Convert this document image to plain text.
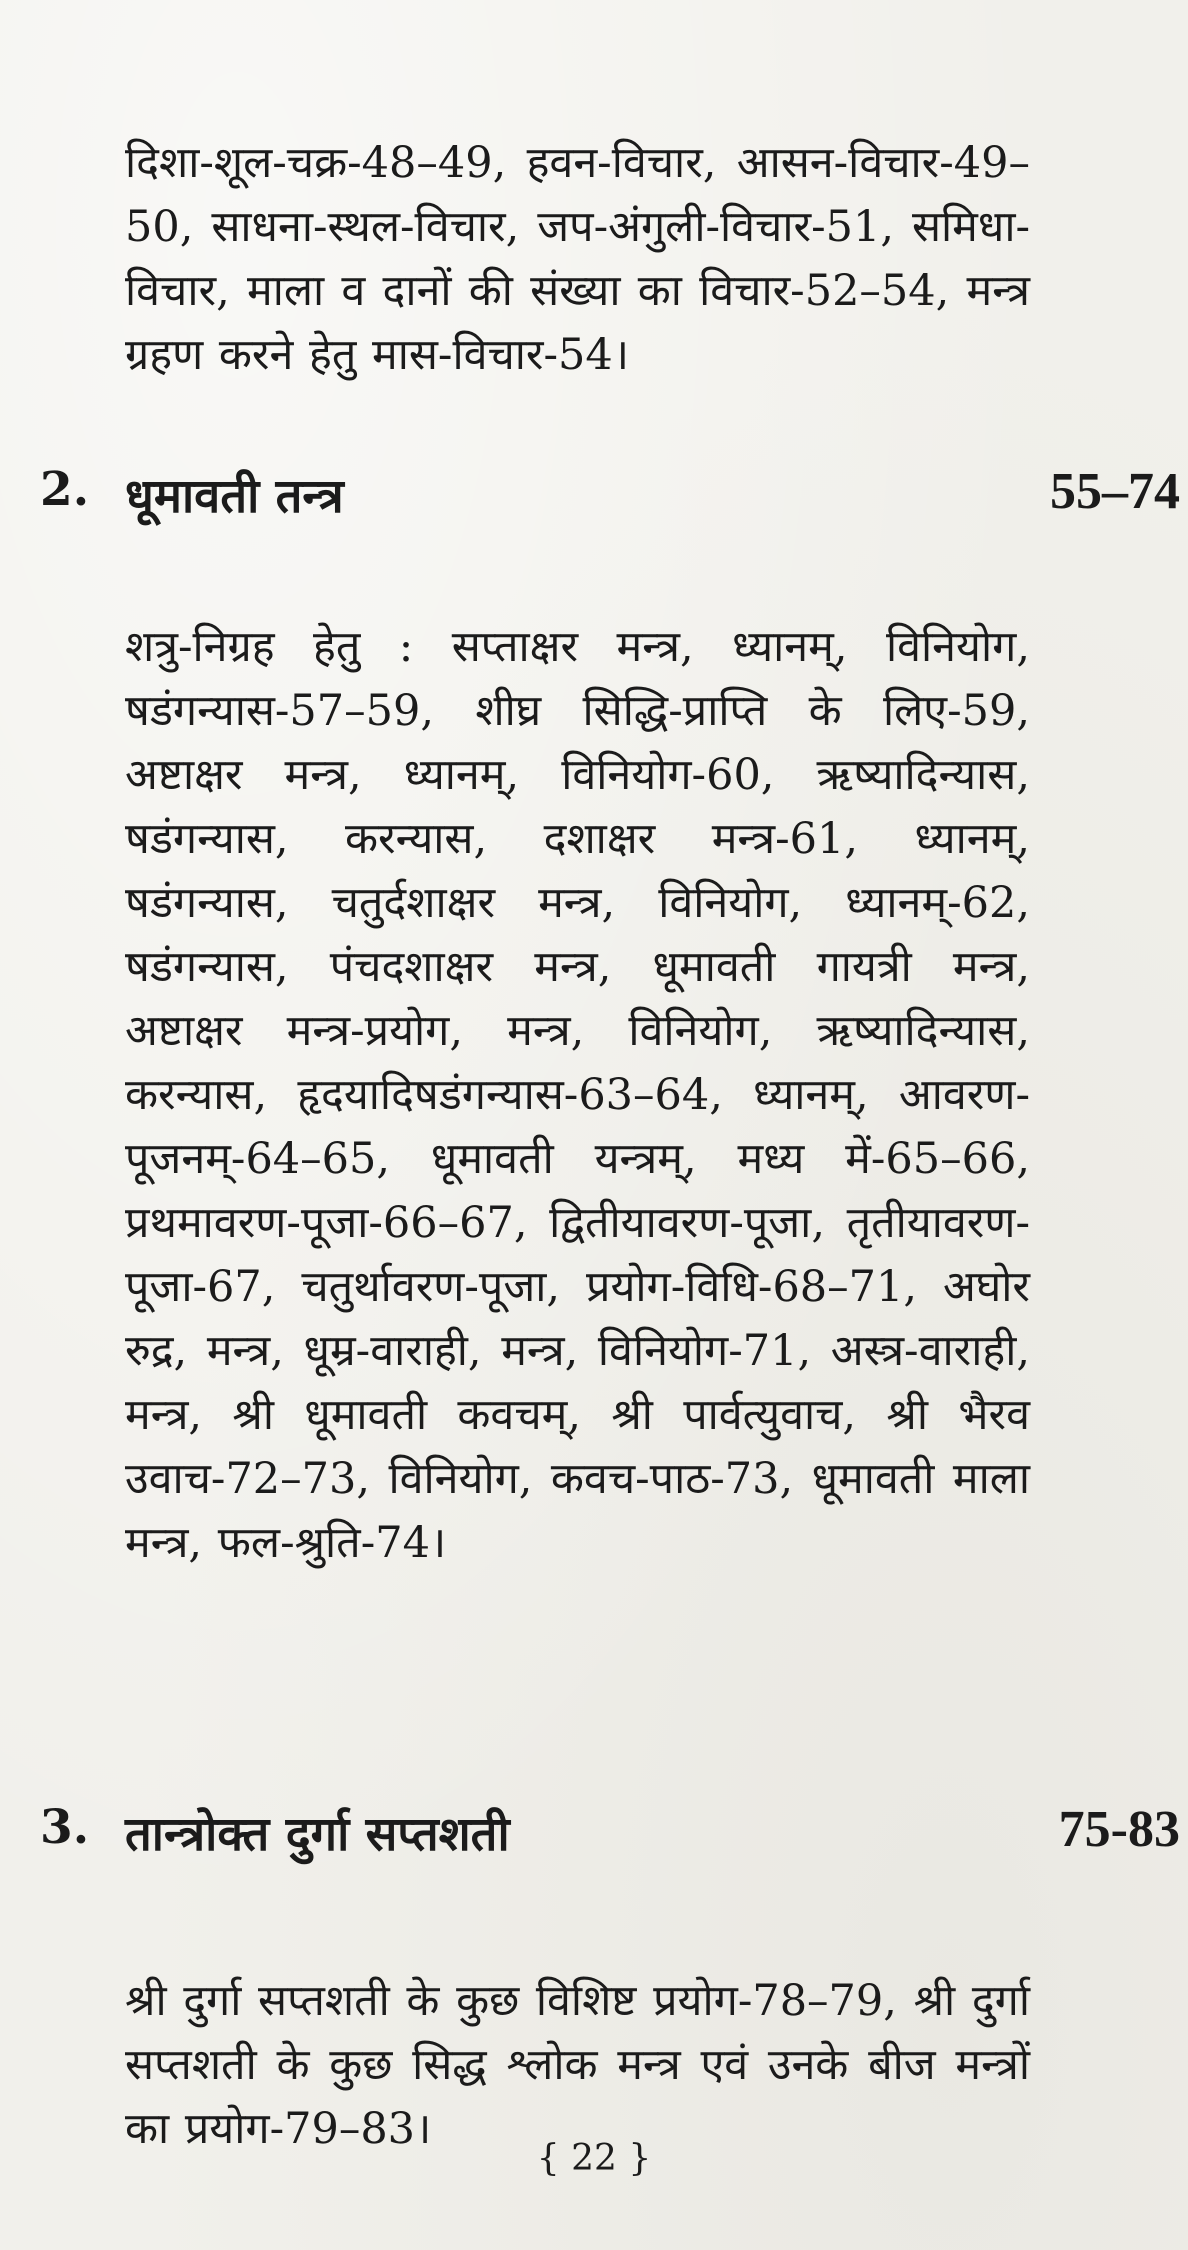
दिशा-शूल-चक्र-48–49, हवन-विचार, आसन-विचार-49–50, साधना-स्थल-विचार, जप-अंगुली-विचार-51, समिधा-विचार, माला व दानों की संख्या का विचार-52–54, मन्त्र ग्रहण करने हेतु मास-विचार-54।

2. धूमावती तन्त्र	55–74

शत्रु-निग्रह हेतु : सप्ताक्षर मन्त्र, ध्यानम्, विनियोग, षडंगन्यास-57–59, शीघ्र सिद्धि-प्राप्ति के लिए-59, अष्टाक्षर मन्त्र, ध्यानम्, विनियोग-60, ऋष्यादिन्यास, षडंगन्यास, करन्यास, दशाक्षर मन्त्र-61, ध्यानम्, षडंगन्यास, चतुर्दशाक्षर मन्त्र, विनियोग, ध्यानम्-62, षडंगन्यास, पंचदशाक्षर मन्त्र, धूमावती गायत्री मन्त्र, अष्टाक्षर मन्त्र-प्रयोग, मन्त्र, विनियोग, ऋष्यादिन्यास, करन्यास, हृदयादिषडंगन्यास-63–64, ध्यानम्, आवरण-पूजनम्-64–65, धूमावती यन्त्रम्, मध्य में-65–66, प्रथमावरण-पूजा-66–67, द्वितीयावरण-पूजा, तृतीयावरण-पूजा-67, चतुर्थावरण-पूजा, प्रयोग-विधि-68–71, अघोर रुद्र, मन्त्र, धूम्र-वाराही, मन्त्र, विनियोग-71, अस्त्र-वाराही, मन्त्र, श्री धूमावती कवचम्, श्री पार्वत्युवाच, श्री भैरव उवाच-72–73, विनियोग, कवच-पाठ-73, धूमावती माला मन्त्र, फल-श्रुति-74।

3. तान्त्रोक्त दुर्गा सप्तशती	75-83

श्री दुर्गा सप्तशती के कुछ विशिष्ट प्रयोग-78–79, श्री दुर्गा सप्तशती के कुछ सिद्ध श्लोक मन्त्र एवं उनके बीज मन्त्रों का प्रयोग-79–83।

{ 22 }
